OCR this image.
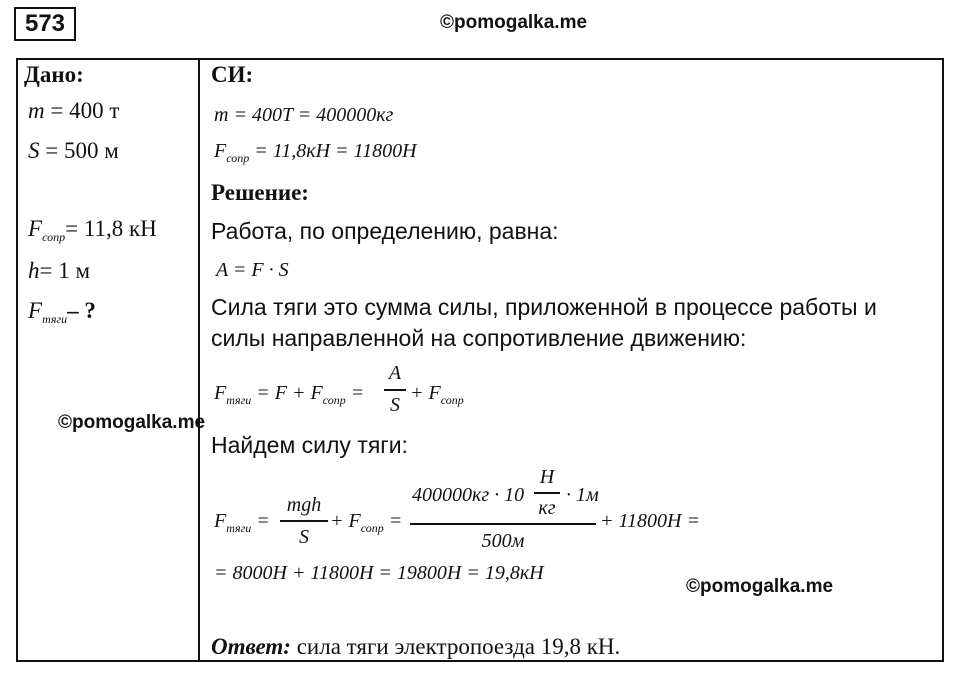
573	©pomogalka.me
Дано:
m = 400 т
S = 500 м
$F_{сопр}= 11,8$ кН
h= 1 м
$F_{тяги}-$ ?
©pomogalka.me
СИ:
m = 400T = 400000кг
$F_{сопр} = 11,8кН = 11800Н$
Решение:
Работа, по определению, равна:
A = F · S
Сила тяги это сумма силы, приложенной в процессе работы и
силы направленной на сопротивление движению:
$F_{тяги} = F + F_{сопр}$ =
A
S
+ $F_{сопр}$
Найдем силу тяги:
$F_{тяги}$ =
mgh
S
+ $F_{сопр}$ =
400000кг · 10
Н
кг
· 1м
500м
+ 11800Н =
= 8000Н + 11800Н = 19800Н = 19,8кН
©pomogalka.me
Ответ: сила тяги электропоезда 19,8 кН.
